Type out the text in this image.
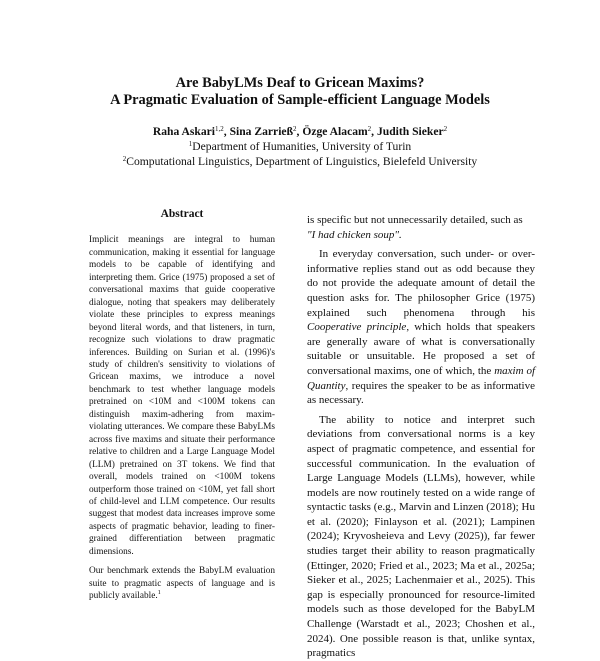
Are BabyLMs Deaf to Gricean Maxims?
A Pragmatic Evaluation of Sample-efficient Language Models
Raha Askari$^{1,2}$, Sina Zarrieß$^2$, Özge Alacam$^2$, Judith Sieker$^2$
$^1$Department of Humanities, University of Turin
$^2$Computational Linguistics, Department of Linguistics, Bielefeld University
Abstract

Implicit meanings are integral to human communication, making it essential for language models to be capable of identifying and interpreting them. Grice (1975) proposed a set of conversational maxims that guide cooperative dialogue, noting that speakers may deliberately violate these principles to express meanings beyond literal words, and that listeners, in turn, recognize such violations to draw pragmatic inferences. Building on Surian et al. (1996)'s study of children's sensitivity to violations of Gricean maxims, we introduce a novel benchmark to test whether language models pretrained on <10M and <100M tokens can distinguish maxim-adhering from maxim-violating utterances. We compare these BabyLMs across five maxims and situate their performance relative to children and a Large Language Model (LLM) pretrained on 3T tokens. We find that overall, models trained on <100M tokens outperform those trained on <10M, yet fall short of child-level and LLM competence. Our results suggest that modest data increases improve some aspects of pragmatic behavior, leading to finer-grained differentiation between pragmatic dimensions.

Our benchmark extends the BabyLM evaluation suite to pragmatic aspects of language and is publicly available.$^1$

is specific but not unnecessarily detailed, such as
"I had chicken soup".

In everyday conversation, such under- or over-informative replies stand out as odd because they do not provide the adequate amount of detail the question asks for. The philosopher Grice (1975) explained such phenomena through his Cooperative principle, which holds that speakers are generally aware of what is conversationally suitable or unsuitable. He proposed a set of conversational maxims, one of which, the maxim of Quantity, requires the speaker to be as informative as necessary.

The ability to notice and interpret such deviations from conversational norms is a key aspect of pragmatic competence, and essential for successful communication. In the evaluation of Large Language Models (LLMs), however, while models are now routinely tested on a wide range of syntactic tasks (e.g., Marvin and Linzen (2018); Hu et al. (2020); Finlayson et al. (2021); Lampinen (2024); Kryvosheieva and Levy (2025)), far fewer studies target their ability to reason pragmatically (Ettinger, 2020; Fried et al., 2023; Ma et al., 2025a; Sieker et al., 2025; Lachenmaier et al., 2025). This gap is especially pronounced for resource-limited models such as those developed for the BabyLM Challenge (Warstadt et al., 2023; Choshen et al., 2024). One possible reason is that, unlike syntax, pragmatics
